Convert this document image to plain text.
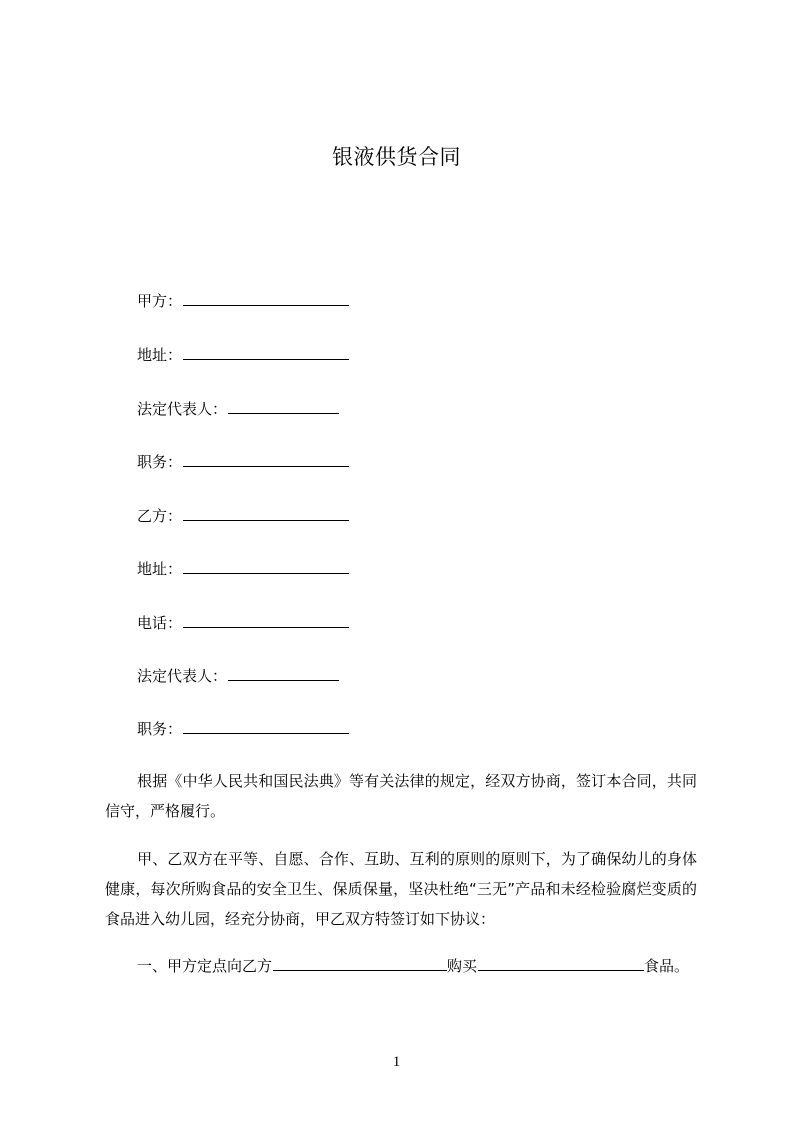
银液供货合同
甲方：
地址：
法定代表人：
职务：
乙方：
地址：
电话：
法定代表人：
职务：
根据《中华人民共和国民法典》等有关法律的规定，经双方协商，签订本合同，共同信守，严格履行。
甲、乙双方在平等、自愿、合作、互助、互利的原则的原则下，为了确保幼儿的身体健康，每次所购食品的安全卫生、保质保量，坚决杜绝“三无”产品和未经检验腐烂变质的食品进入幼儿园，经充分协商，甲乙双方特签订如下协议：
一、甲方定点向乙方	购买	食品。
1
